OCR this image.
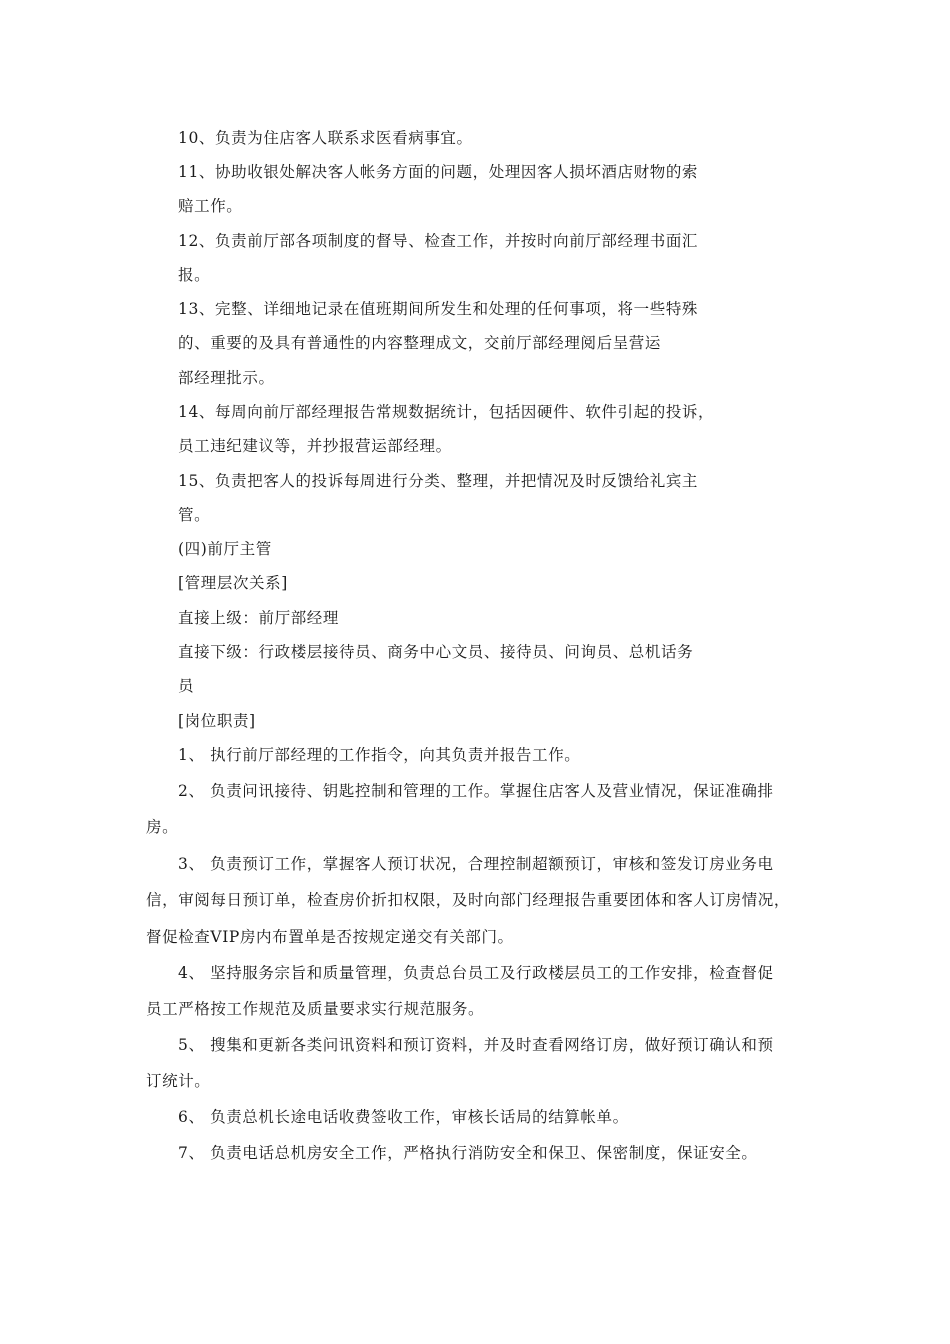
10、负责为住店客人联系求医看病事宜。
11、协助收银处解决客人帐务方面的问题，处理因客人损坏酒店财物的索
赔工作。
12、负责前厅部各项制度的督导、检查工作，并按时向前厅部经理书面汇
报。
13、完整、详细地记录在值班期间所发生和处理的任何事项，将一些特殊
的、重要的及具有普通性的内容整理成文，交前厅部经理阅后呈营运
部经理批示。
14、每周向前厅部经理报告常规数据统计，包括因硬件、软件引起的投诉，
员工违纪建议等，并抄报营运部经理。
15、负责把客人的投诉每周进行分类、整理，并把情况及时反馈给礼宾主
管。
(四)前厅主管
[管理层次关系]
直接上级：前厅部经理
直接下级：行政楼层接待员、商务中心文员、接待员、问询员、总机话务
员
[岗位职责]
1、 执行前厅部经理的工作指令，向其负责并报告工作。
2、 负责问讯接待、钥匙控制和管理的工作。掌握住店客人及营业情况，保证准确排
房。
3、 负责预订工作，掌握客人预订状况，合理控制超额预订，审核和签发订房业务电
信，审阅每日预订单，检查房价折扣权限，及时向部门经理报告重要团体和客人订房情况，
督促检查VIP房内布置单是否按规定递交有关部门。
4、 坚持服务宗旨和质量管理，负责总台员工及行政楼层员工的工作安排，检查督促
员工严格按工作规范及质量要求实行规范服务。
5、 搜集和更新各类问讯资料和预订资料，并及时查看网络订房，做好预订确认和预
订统计。
6、 负责总机长途电话收费签收工作，审核长话局的结算帐单。
7、 负责电话总机房安全工作，严格执行消防安全和保卫、保密制度，保证安全。
